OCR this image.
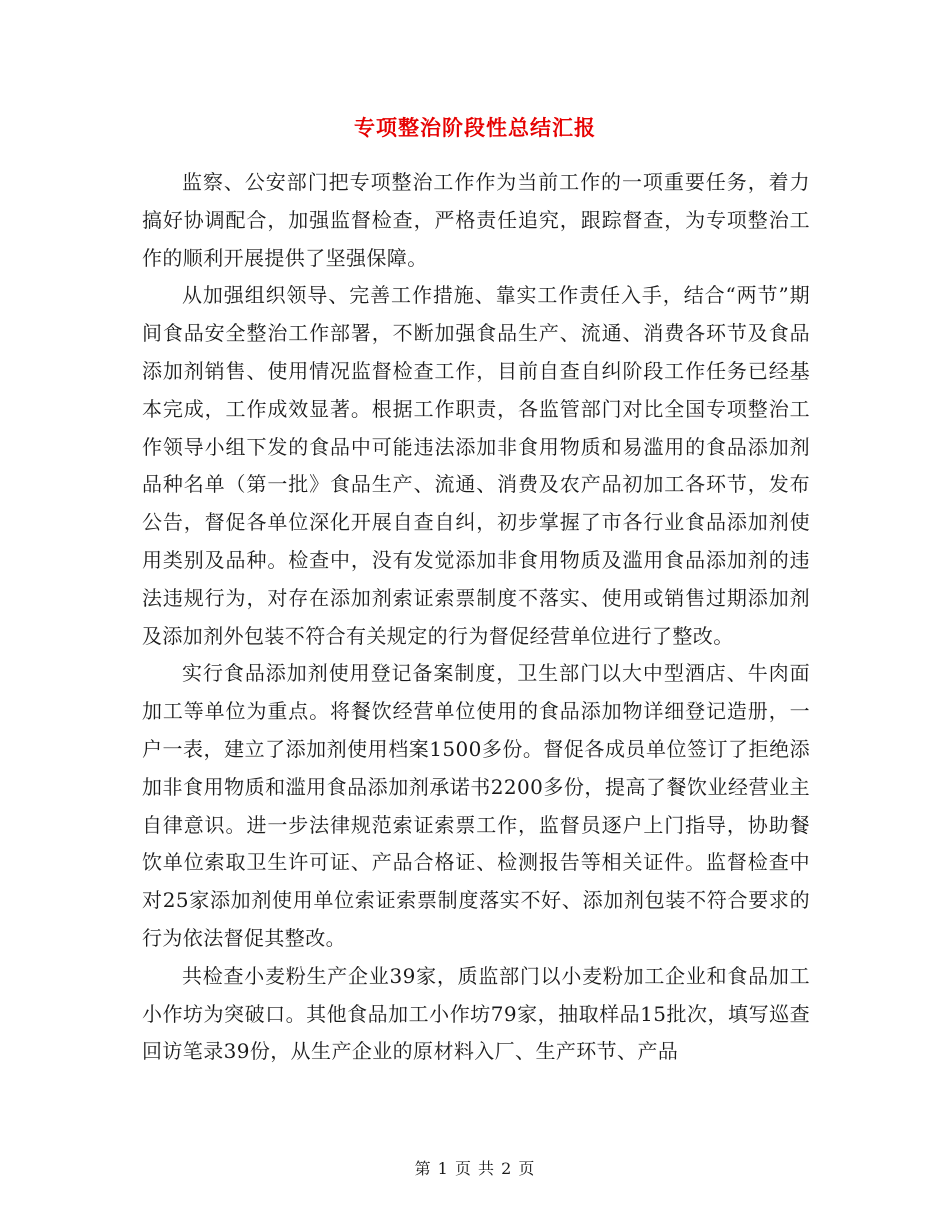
专项整治阶段性总结汇报

监察、公安部门把专项整治工作作为当前工作的一项重要任务，着力搞好协调配合，加强监督检查，严格责任追究，跟踪督查，为专项整治工作的顺利开展提供了坚强保障。

从加强组织领导、完善工作措施、靠实工作责任入手，结合“两节”期间食品安全整治工作部署，不断加强食品生产、流通、消费各环节及食品添加剂销售、使用情况监督检查工作，目前自查自纠阶段工作任务已经基本完成，工作成效显著。根据工作职责，各监管部门对比全国专项整治工作领导小组下发的食品中可能违法添加非食用物质和易滥用的食品添加剂品种名单（第一批》食品生产、流通、消费及农产品初加工各环节，发布公告，督促各单位深化开展自查自纠，初步掌握了市各行业食品添加剂使用类别及品种。检查中，没有发觉添加非食用物质及滥用食品添加剂的违法违规行为，对存在添加剂索证索票制度不落实、使用或销售过期添加剂及添加剂外包装不符合有关规定的行为督促经营单位进行了整改。

实行食品添加剂使用登记备案制度，卫生部门以大中型酒店、牛肉面加工等单位为重点。将餐饮经营单位使用的食品添加物详细登记造册，一户一表，建立了添加剂使用档案1500多份。督促各成员单位签订了拒绝添加非食用物质和滥用食品添加剂承诺书2200多份，提高了餐饮业经营业主自律意识。进一步法律规范索证索票工作，监督员逐户上门指导，协助餐饮单位索取卫生许可证、产品合格证、检测报告等相关证件。监督检查中对25家添加剂使用单位索证索票制度落实不好、添加剂包装不符合要求的行为依法督促其整改。

共检查小麦粉生产企业39家，质监部门以小麦粉加工企业和食品加工小作坊为突破口。其他食品加工小作坊79家，抽取样品15批次，填写巡查回访笔录39份，从生产企业的原材料入厂、生产环节、产品

第 1 页 共 2 页
